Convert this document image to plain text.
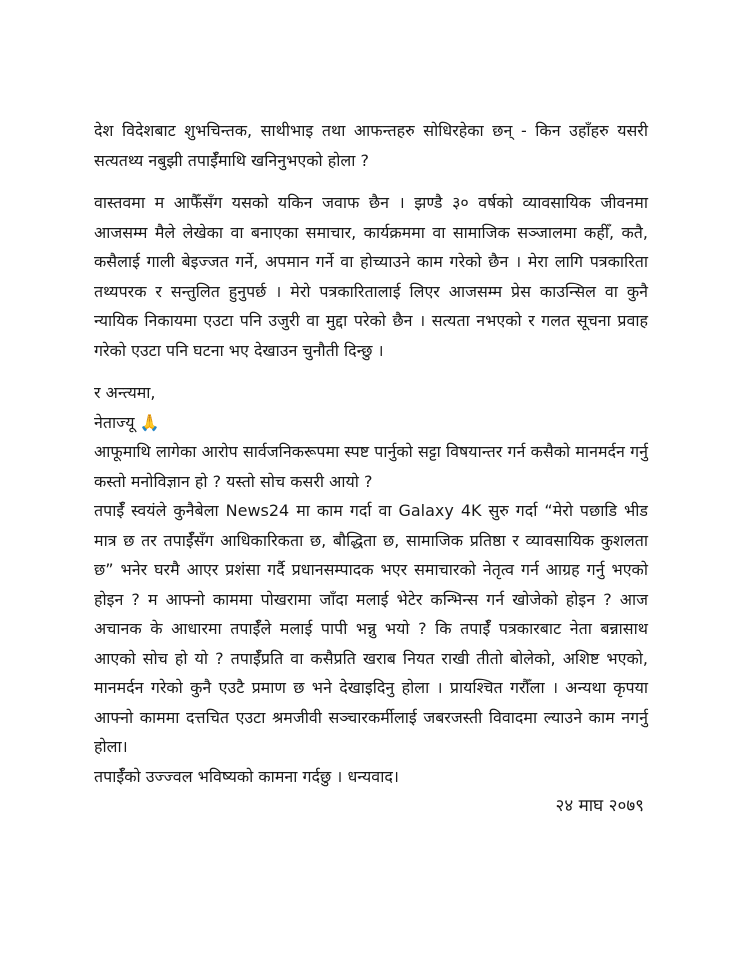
देश विदेशबाट शुभचिन्तक, साथीभाइ तथा आफन्तहरु सोधिरहेका छन् - किन उहाँहरु यसरी सत्यतथ्य नबुझी तपाईँमाथि खनिनुभएको होला ?

वास्तवमा म आफैँसँग यसको यकिन जवाफ छैन । झण्डै ३० वर्षको व्यावसायिक जीवनमा आजसम्म मैले लेखेका वा बनाएका समाचार, कार्यक्रममा वा सामाजिक सञ्जालमा कहीँ, कतै, कसैलाई गाली बेइज्जत गर्ने, अपमान गर्ने वा होच्याउने काम गरेको छैन । मेरा लागि पत्रकारिता तथ्यपरक र सन्तुलित हुनुपर्छ । मेरो पत्रकारितालाई लिएर आजसम्म प्रेस काउन्सिल वा कुनै न्यायिक निकायमा एउटा पनि उजुरी वा मुद्दा परेको छैन । सत्यता नभएको र गलत सूचना प्रवाह गरेको एउटा पनि घटना भए देखाउन चुनौती दिन्छु ।

र अन्त्यमा,

नेताज्यू 🙏

आफूमाथि लागेका आरोप सार्वजनिकरूपमा स्पष्ट पार्नुको सट्टा विषयान्तर गर्न कसैको मानमर्दन गर्नु कस्तो मनोविज्ञान हो ? यस्तो सोच कसरी आयो ?

तपाईँ स्वयंले कुनैबेला News24 मा काम गर्दा वा Galaxy 4K सुरु गर्दा “मेरो पछाडि भीड मात्र छ तर तपाईँसँग आधिकारिकता छ, बौद्धिता छ, सामाजिक प्रतिष्ठा र व्यावसायिक कुशलता छ” भनेर घरमै आएर प्रशंसा गर्दै प्रधानसम्पादक भएर समाचारको नेतृत्व गर्न आग्रह गर्नु भएको होइन ? म आफ्नो काममा पोखरामा जाँदा मलाई भेटेर कन्भिन्स गर्न खोजेको होइन ? आज अचानक के आधारमा तपाईँले मलाई पापी भन्नु भयो ? कि तपाईँ पत्रकारबाट नेता बन्नासाथ आएको सोच हो यो ? तपाईँप्रति वा कसैप्रति खराब नियत राखी तीतो बोलेको, अशिष्ट भएको, मानमर्दन गरेको कुनै एउटै प्रमाण छ भने देखाइदिनु होला । प्रायश्चित गरौँला । अन्यथा कृपया आफ्नो काममा दत्तचित एउटा श्रमजीवी सञ्चारकर्मीलाई जबरजस्ती विवादमा ल्याउने काम नगर्नु होला।

तपाईँको उज्ज्वल भविष्यको कामना गर्दछु । धन्यवाद।

२४ माघ २०७९
